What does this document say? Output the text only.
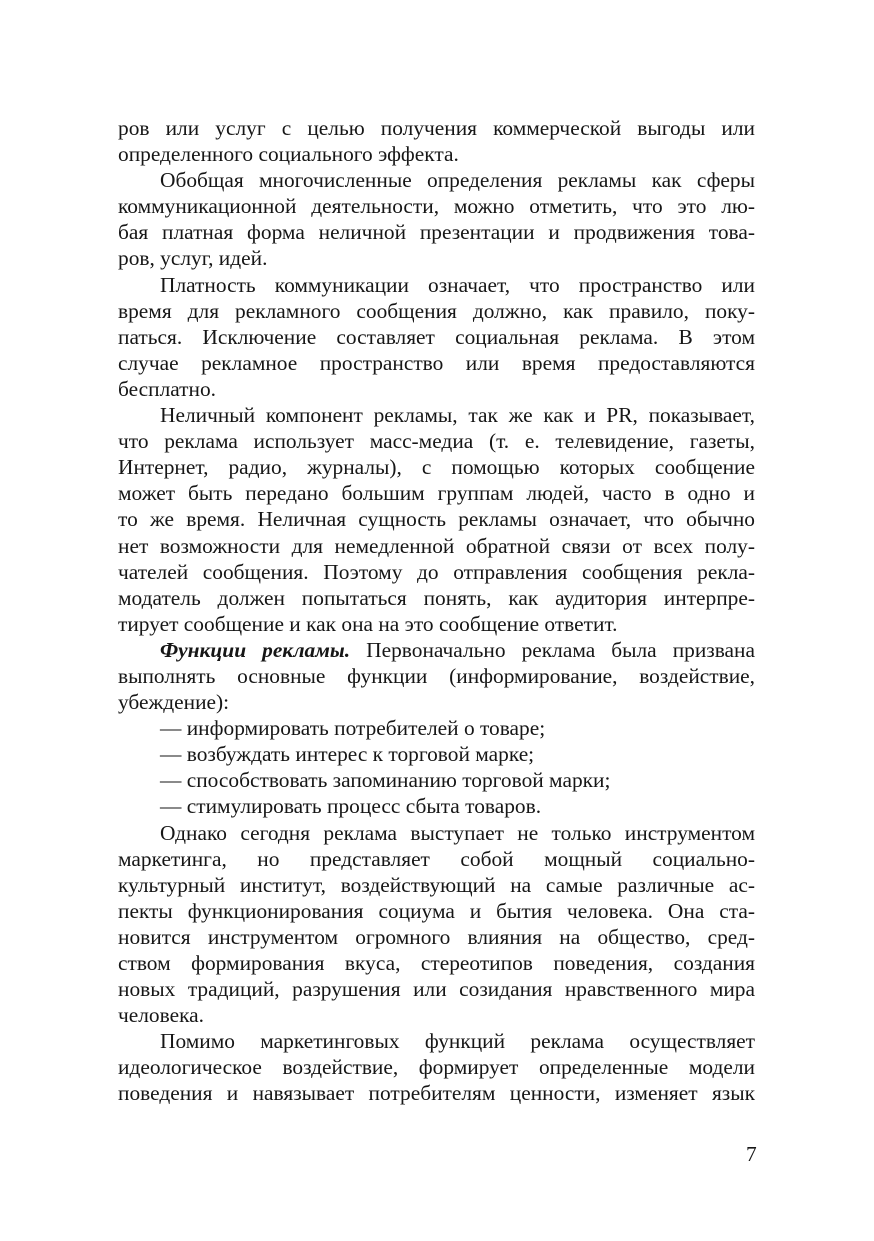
ров или услуг с целью получения коммерческой выгоды или
определенного социального эффекта.
Обобщая многочисленные определения рекламы как сферы
коммуникационной деятельности, можно отметить, что это лю-
бая платная форма неличной презентации и продвижения това-
ров, услуг, идей.
Платность коммуникации означает, что пространство или
время для рекламного сообщения должно, как правило, поку-
паться. Исключение составляет социальная реклама. В этом
случае рекламное пространство или время предоставляются
бесплатно.
Неличный компонент рекламы, так же как и PR, показывает,
что реклама использует масс-медиа (т. е. телевидение, газеты,
Интернет, радио, журналы), с помощью которых сообщение
может быть передано большим группам людей, часто в одно и
то же время. Неличная сущность рекламы означает, что обычно
нет возможности для немедленной обратной связи от всех полу-
чателей сообщения. Поэтому до отправления сообщения рекла-
модатель должен попытаться понять, как аудитория интерпре-
тирует сообщение и как она на это сообщение ответит.
Функции рекламы. Первоначально реклама была призвана
выполнять основные функции (информирование, воздействие,
убеждение):
— информировать потребителей о товаре;
— возбуждать интерес к торговой марке;
— способствовать запоминанию торговой марки;
— стимулировать процесс сбыта товаров.
Однако сегодня реклама выступает не только инструментом
маркетинга, но представляет собой мощный социально-
культурный институт, воздействующий на самые различные ас-
пекты функционирования социума и бытия человека. Она ста-
новится инструментом огромного влияния на общество, сред-
ством формирования вкуса, стереотипов поведения, создания
новых традиций, разрушения или созидания нравственного мира
человека.
Помимо маркетинговых функций реклама осуществляет
идеологическое воздействие, формирует определенные модели
поведения и навязывает потребителям ценности, изменяет язык
7
